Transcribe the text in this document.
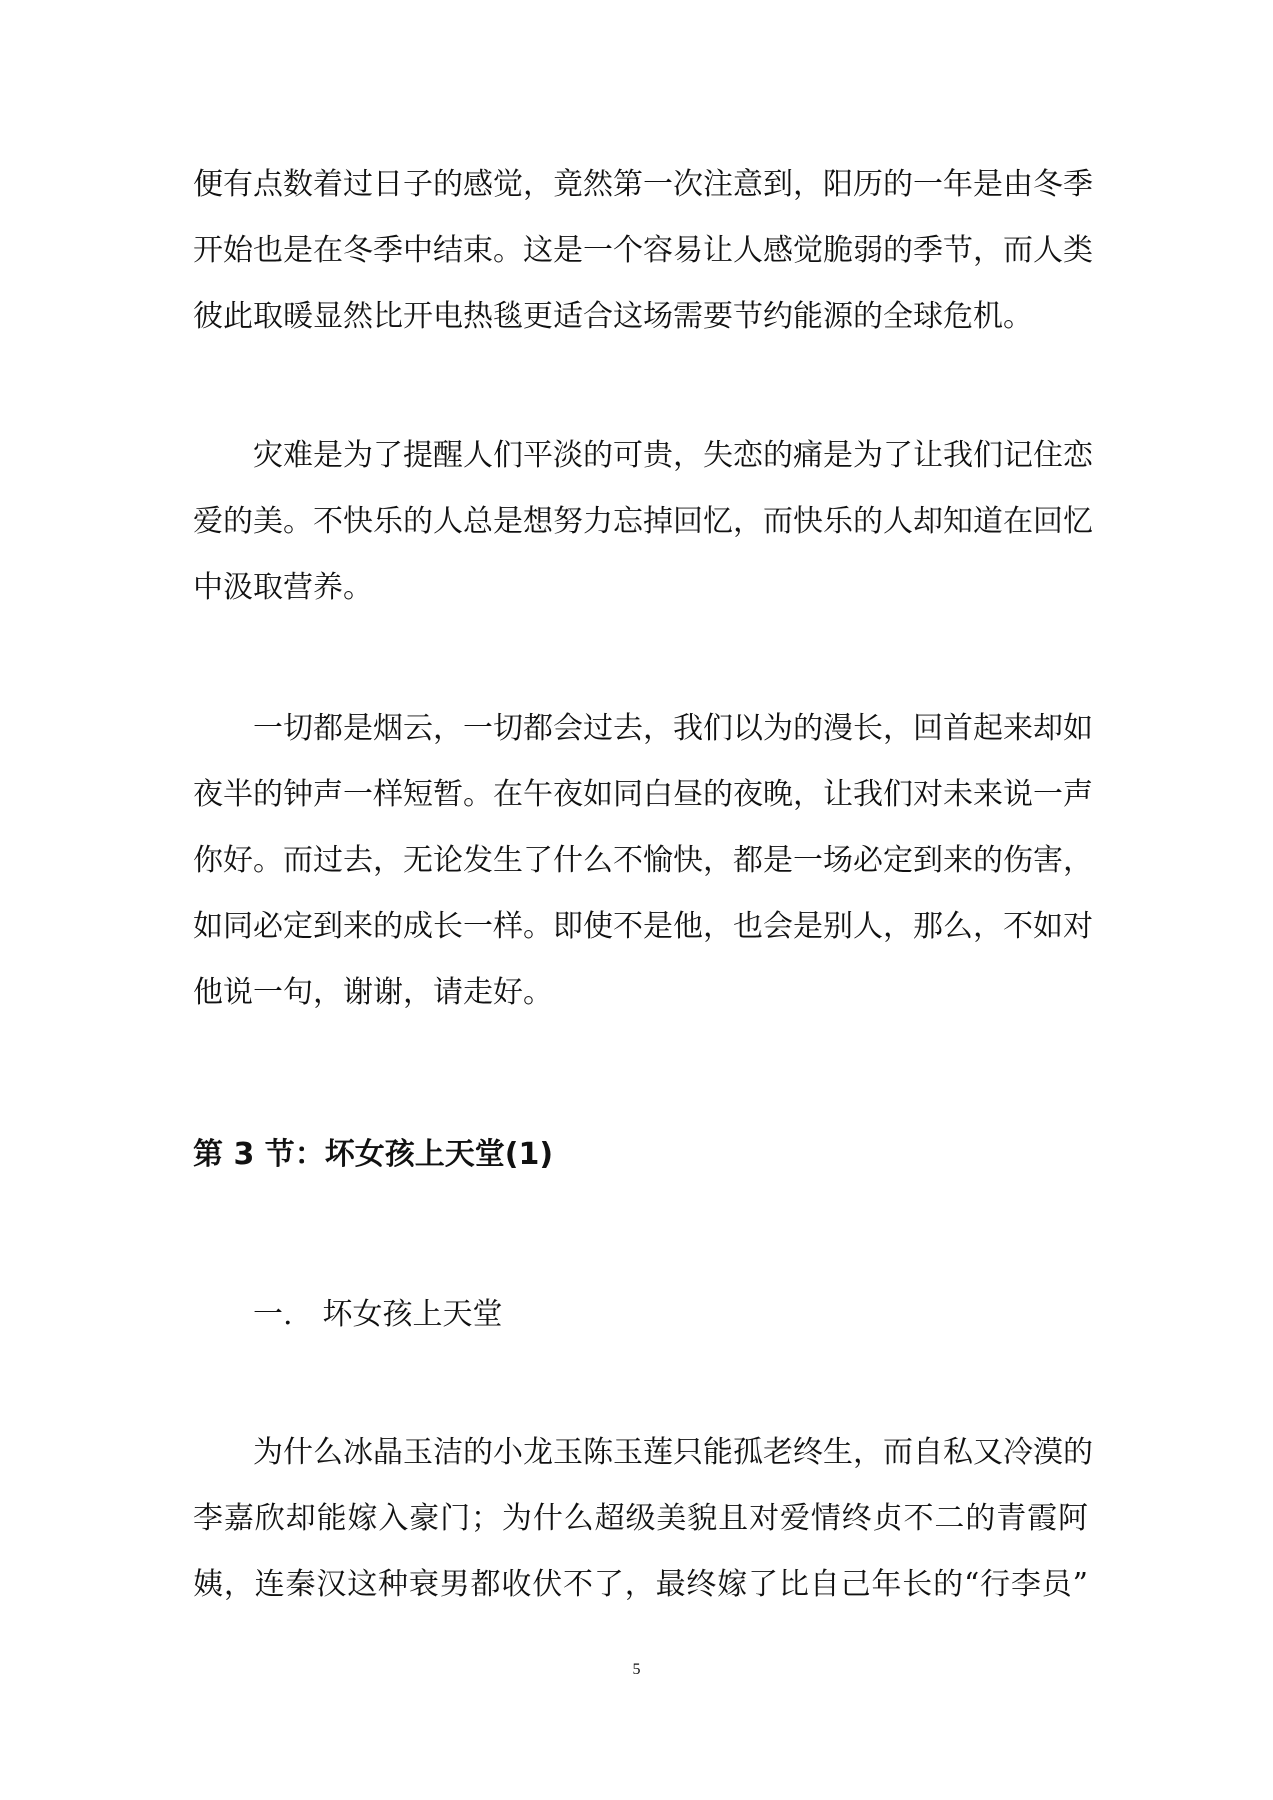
便有点数着过日子的感觉，竟然第一次注意到，阳历的一年是由冬季
开始也是在冬季中结束。这是一个容易让人感觉脆弱的季节，而人类
彼此取暖显然比开电热毯更适合这场需要节约能源的全球危机。
　　灾难是为了提醒人们平淡的可贵，失恋的痛是为了让我们记住恋
爱的美。不快乐的人总是想努力忘掉回忆，而快乐的人却知道在回忆
中汲取营养。
　　一切都是烟云，一切都会过去，我们以为的漫长，回首起来却如
夜半的钟声一样短暂。在午夜如同白昼的夜晚，让我们对未来说一声
你好。而过去，无论发生了什么不愉快，都是一场必定到来的伤害，
如同必定到来的成长一样。即使不是他，也会是别人，那么，不如对
他说一句，谢谢，请走好。
第 3 节：坏女孩上天堂(1)
一.　坏女孩上天堂
　　为什么冰晶玉洁的小龙玉陈玉莲只能孤老终生，而自私又冷漠的
李嘉欣却能嫁入豪门；为什么超级美貌且对爱情终贞不二的青霞阿
姨，连秦汉这种衰男都收伏不了，最终嫁了比自己年长的“行李员”
5
